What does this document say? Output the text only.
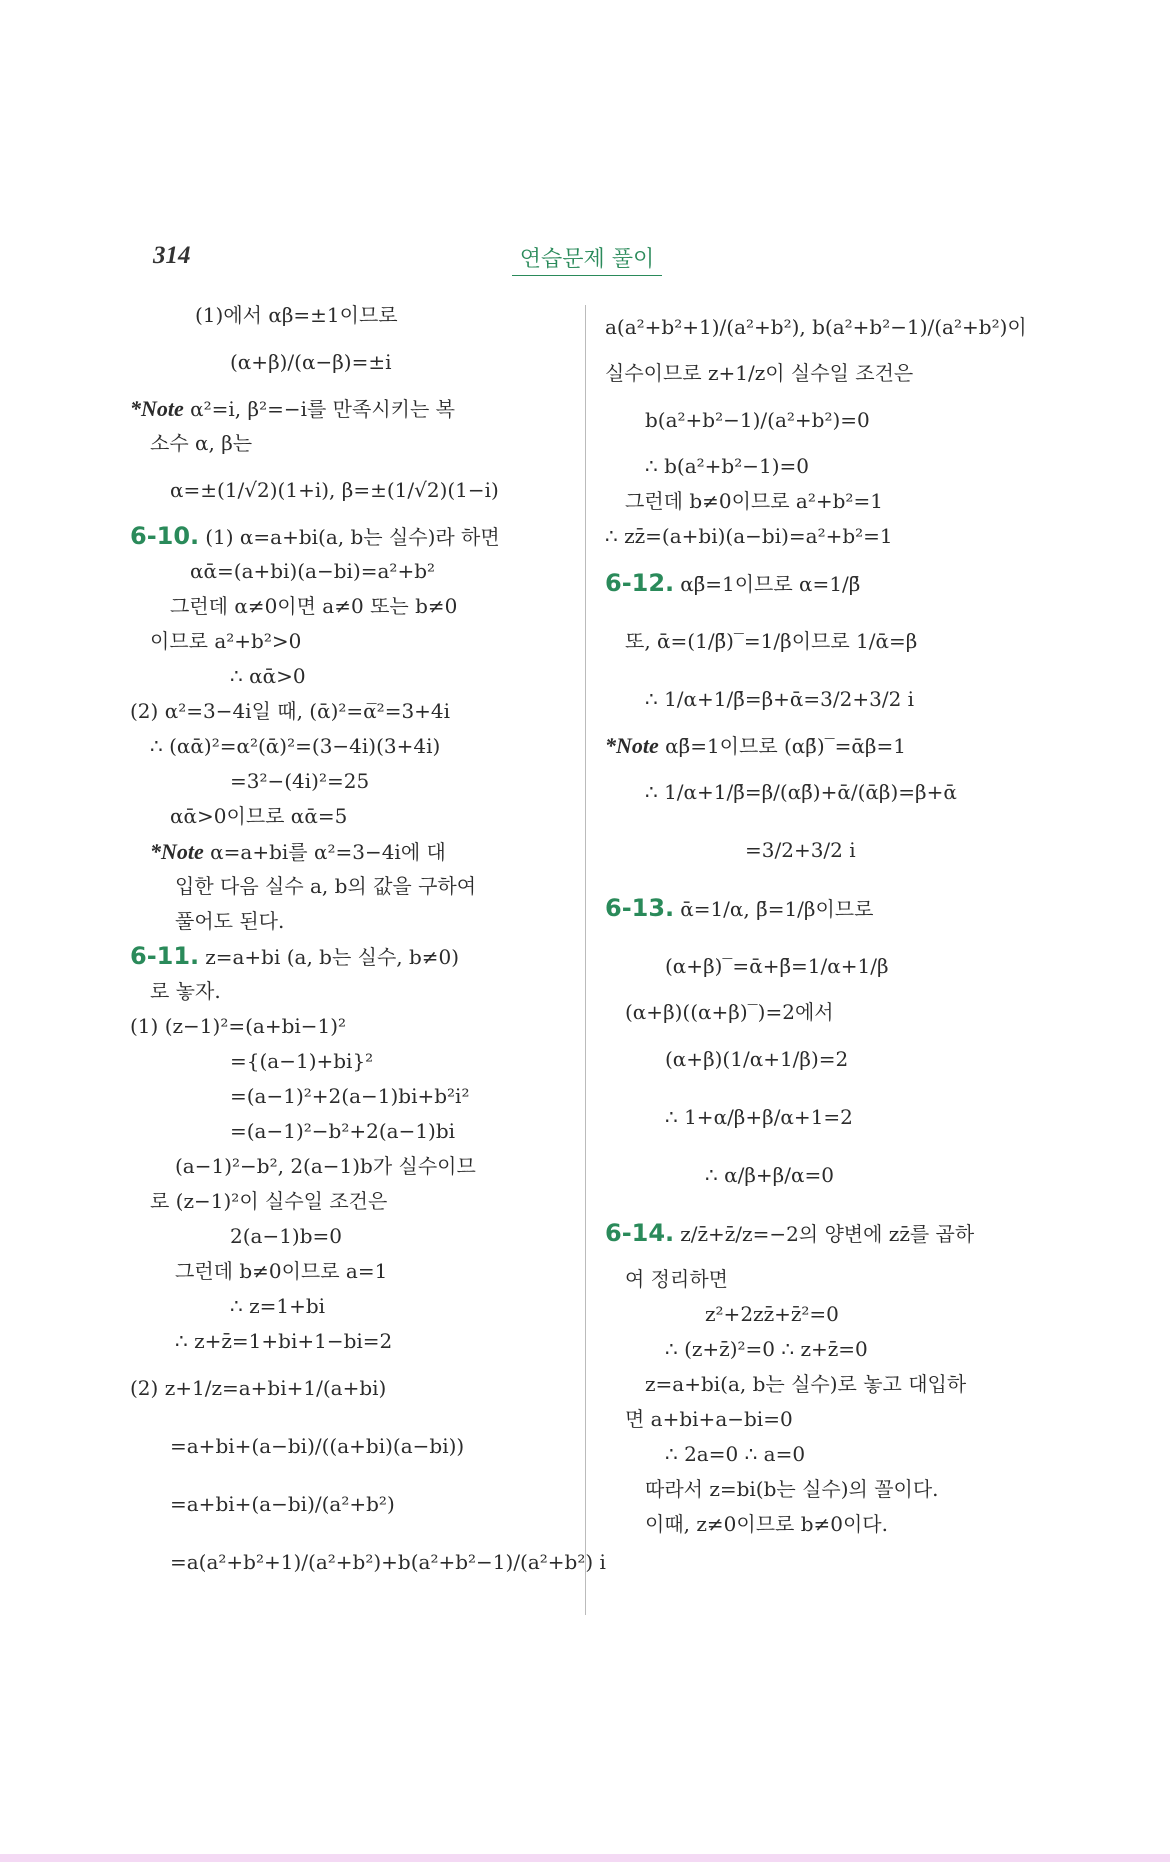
314	연습문제 풀이
(1)에서 αβ=±1이므로
(α+β)/(α−β)=±i
*Note α²=i, β²=−i를 만족시키는 복
소수 α, β는
α=±(1/√2)(1+i), β=±(1/√2)(1−i)
6-10. (1) α=a+bi(a, b는 실수)라 하면
αᾱ=(a+bi)(a−bi)=a²+b²
그런데 α≠0이면 a≠0 또는 b≠0
이므로 a²+b²>0
∴ αᾱ>0
(2) α²=3−4i일 때, (ᾱ)²=α̅²=3+4i
∴ (αᾱ)²=α²(ᾱ)²=(3−4i)(3+4i)
=3²−(4i)²=25
αᾱ>0이므로 αᾱ=5
*Note α=a+bi를 α²=3−4i에 대
입한 다음 실수 a, b의 값을 구하여
풀어도 된다.
6-11. z=a+bi (a, b는 실수, b≠0)
로 놓자.
(1) (z−1)²=(a+bi−1)²
={(a−1)+bi}²
=(a−1)²+2(a−1)bi+b²i²
=(a−1)²−b²+2(a−1)bi
(a−1)²−b², 2(a−1)b가 실수이므
로 (z−1)²이 실수일 조건은
2(a−1)b=0
그런데 b≠0이므로 a=1
∴ z=1+bi
∴ z+z̄=1+bi+1−bi=2
(2) z+1/z=a+bi+1/(a+bi)
=a+bi+(a−bi)/((a+bi)(a−bi))
=a+bi+(a−bi)/(a²+b²)
=a(a²+b²+1)/(a²+b²)+b(a²+b²−1)/(a²+b²) i
a(a²+b²+1)/(a²+b²), b(a²+b²−1)/(a²+b²)이
실수이므로 z+1/z이 실수일 조건은
b(a²+b²−1)/(a²+b²)=0
∴ b(a²+b²−1)=0
그런데 b≠0이므로 a²+b²=1
∴ zz̄=(a+bi)(a−bi)=a²+b²=1
6-12. αβ̄=1이므로 α=1/β̄
또, ᾱ=(1/β̄)‾=1/β이므로 1/ᾱ=β
∴ 1/α+1/β̄=β+ᾱ=3/2+3/2 i
*Note αβ̄=1이므로 (αβ̄)‾=ᾱβ=1
∴ 1/α+1/β̄=β/(αβ̄)+ᾱ/(ᾱβ)=β+ᾱ
=3/2+3/2 i
6-13. ᾱ=1/α, β̄=1/β이므로
(α+β)‾=ᾱ+β̄=1/α+1/β
(α+β)((α+β)‾)=2에서
(α+β)(1/α+1/β)=2
∴ 1+α/β+β/α+1=2
∴ α/β+β/α=0
6-14. z/z̄+z̄/z=−2의 양변에 zz̄를 곱하
여 정리하면
z²+2zz̄+z̄²=0
∴ (z+z̄)²=0 ∴ z+z̄=0
z=a+bi(a, b는 실수)로 놓고 대입하
면 a+bi+a−bi=0
∴ 2a=0 ∴ a=0
따라서 z=bi(b는 실수)의 꼴이다.
이때, z≠0이므로 b≠0이다.
